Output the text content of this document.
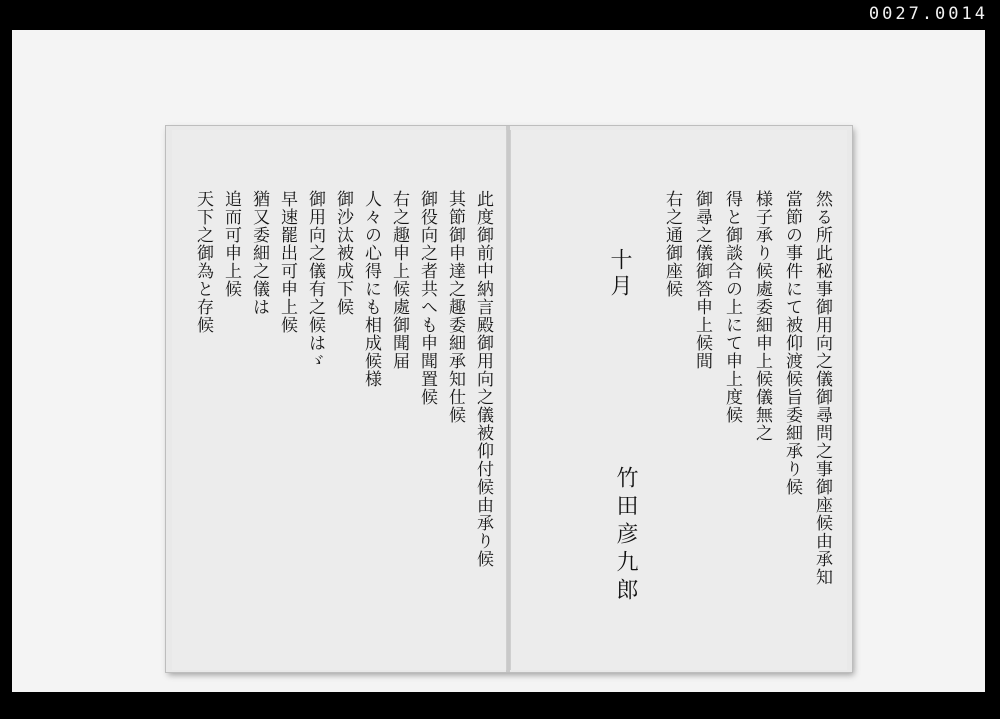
0027.0014
此度御前中納言殿御用向之儀被仰付候由承り候
其節御申達之趣委細承知仕候
御役向之者共へも申聞置候
右之趣申上候處御聞届
人々の心得にも相成候様
御沙汰被成下候
御用向之儀有之候はゞ
早速罷出可申上候
猶又委細之儀は
追而可申上候
天下之御為と存候	然る所此秘事御用向之儀御尋問之事御座候由承知
當節の事件にて被仰渡候旨委細承り候
様子承り候處委細申上候儀無之
得と御談合の上にて申上度候
御尋之儀御答申上候間
右之通御座候
十月
竹田彦九郎
